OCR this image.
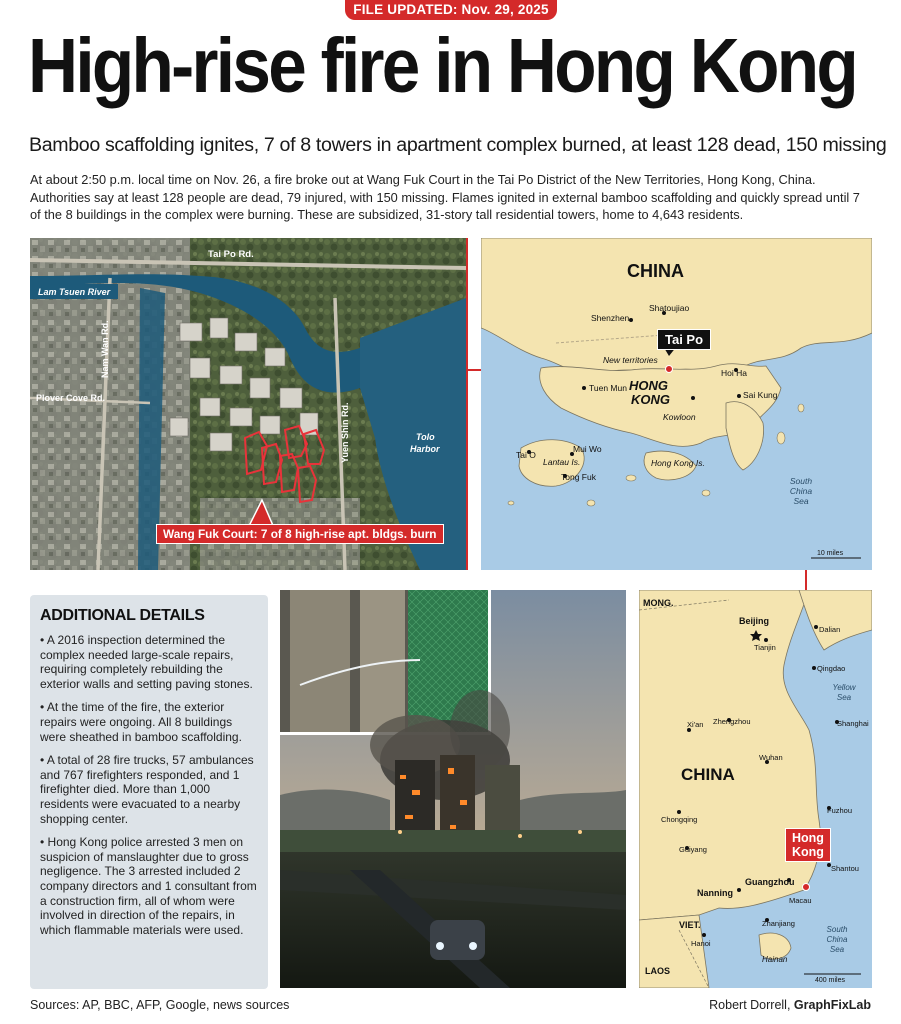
FILE UPDATED: Nov. 29, 2025
High-rise fire in Hong Kong
Bamboo scaffolding ignites, 7 of 8 towers in apartment complex burned, at least 128 dead, 150 missing

At about 2:50 p.m. local time on Nov. 26, a fire broke out at Wang Fuk Court in the Tai Po District of the New Territories, Hong Kong, China. Authorities say at least 128 people are dead, 79 injured, with 150 missing. Flames ignited in external bamboo scaffolding and quickly spread until 7 of the 8 buildings in the complex were burning. These are subsidized, 31-story tall residential towers, home to 4,643 residents.

Tai Po Rd.
Lam Tsuen River
Nam Wan Rd.
Plover Cove Rd.
Yuen Shin Rd.	Tolo
Harbor
Wang Fuk Court: 7 of 8 high-rise apt. bldgs. burn
CHINA
Shenzhen
Shatoujiao
New territories
Tuen Mun HONG
KONG
Kowloon
Sai Kung
Hoi Ha
Tai O
Mui Wo
Lantau Is.
Tong Fuk
Hong Kong Is.
South
China
Sea
10 miles
Tai Po
ADDITIONAL DETAILS
• A 2016 inspection determined the complex needed large-scale repairs, requiring completely rebuilding the exterior walls and setting paving stones.
• At the time of the fire, the exterior repairs were ongoing. All 8 buildings were sheathed in bamboo scaffolding.
• A total of 28 fire trucks, 57 ambulances and 767 firefighters responded, and 1 firefighter died. More than 1,000 residents were evacuated to a nearby shopping center.
• Hong Kong police arrested 3 men on suspicion of manslaughter due to gross negligence. The 3 arrested included 2 company directors and 1 consultant from a construction firm, all of whom were involved in direction of the repairs, in which flammable materials were used.
MONG.
Beijing
Dalian
Tianjin
Qingdao
Yellow
Sea
Xi'an Zhengzhou	Shanghai
Wuhan
CHINA
Chongqing
Fuzhou
Guiyang
Shantou
Guangzhou
Nanning
Macau
VIET.	Zhanjiang
Hanoi
South
China
Sea
Hainan
LAOS
400 miles
Hong
Kong
Sources: AP, BBC, AFP, Google, news sources	Robert Dorrell, GraphFixLab
